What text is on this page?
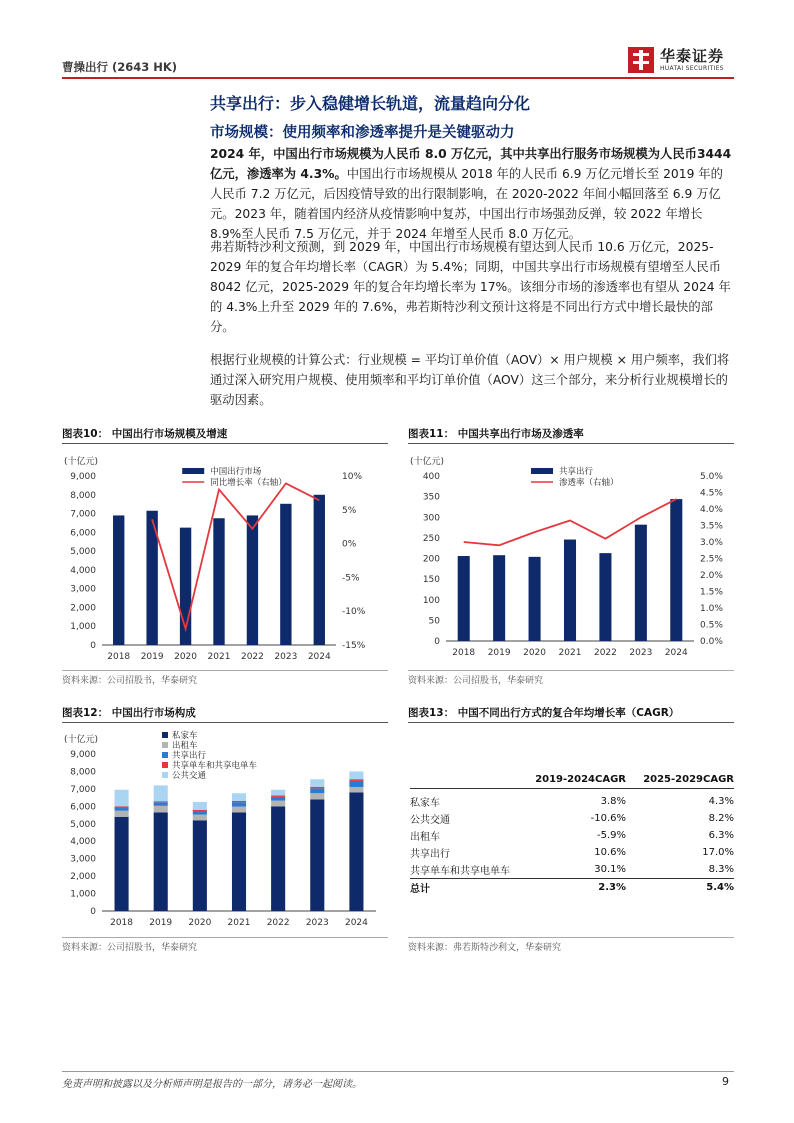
曹操出行 (2643 HK)
华泰证券
HUATAI SECURITIES
共享出行：步入稳健增长轨道，流量趋向分化
市场规模：使用频率和渗透率提升是关键驱动力
2024 年，中国出行市场规模为人民币 8.0 万亿元，其中共享出行服务市场规模为人民币3444 亿元，渗透率为 4.3%。中国出行市场规模从 2018 年的人民币 6.9 万亿元增长至 2019 年的人民币 7.2 万亿元，后因疫情导致的出行限制影响，在 2020-2022 年间小幅回落至 6.9 万亿元。2023 年，随着国内经济从疫情影响中复苏，中国出行市场强劲反弹，较 2022 年增长 8.9%至人民币 7.5 万亿元，并于 2024 年增至人民币 8.0 万亿元。
弗若斯特沙利文预测，到 2029 年，中国出行市场规模有望达到人民币 10.6 万亿元，2025-2029 年的复合年均增长率（CAGR）为 5.4%；同期，中国共享出行市场规模有望增至人民币 8042 亿元，2025-2029 年的复合年均增长率为 17%。该细分市场的渗透率也有望从 2024 年的 4.3%上升至 2029 年的 7.6%，弗若斯特沙利文预计这将是不同出行方式中增长最快的部分。
根据行业规模的计算公式：行业规模 = 平均订单价值（AOV）× 用户规模 × 用户频率，我们将通过深入研究用户规模、使用频率和平均订单价值（AOV）这三个部分，来分析行业规模增长的驱动因素。
图表10： 中国出行市场规模及增速
(十亿元)
0
1,000
2,000
3,000
4,000
5,000
6,000
7,000
8,000
9,000
-15%
-10%
-5%
0%
5%
10%
2018 2019 2020 2021 2022 2023 2024
中国出行市场
同比增长率（右轴）
资料来源：公司招股书，华泰研究
图表11： 中国共享出行市场及渗透率
(十亿元)
0
50
100
150
200
250
300
350
400
0.0%
0.5%
1.0%
1.5%
2.0%
2.5%
3.0%
3.5%
4.0%
4.5%
5.0%
2018 2019 2020 2021 2022 2023 2024
共享出行
渗透率（右轴）
资料来源：公司招股书，华泰研究
图表12： 中国出行市场构成
(十亿元)
0
1,000
2,000
3,000
4,000
5,000
6,000
7,000
8,000
9,000
2018 2019 2020 2021 2022 2023 2024
私家车
出租车
共享出行
共享单车和共享电单车
公共交通
资料来源：公司招股书，华泰研究
图表13： 中国不同出行方式的复合年均增长率（CAGR）
	2019-2024CAGR	2025-2029CAGR
私家车	3.8%	4.3%
公共交通	-10.6%	8.2%
出租车	-5.9%	6.3%
共享出行	10.6%	17.0%
共享单车和共享电单车	30.1%	8.3%
总计	2.3%	5.4%
资料来源：弗若斯特沙利文，华泰研究
免责声明和披露以及分析师声明是报告的一部分，请务必一起阅读。	9
